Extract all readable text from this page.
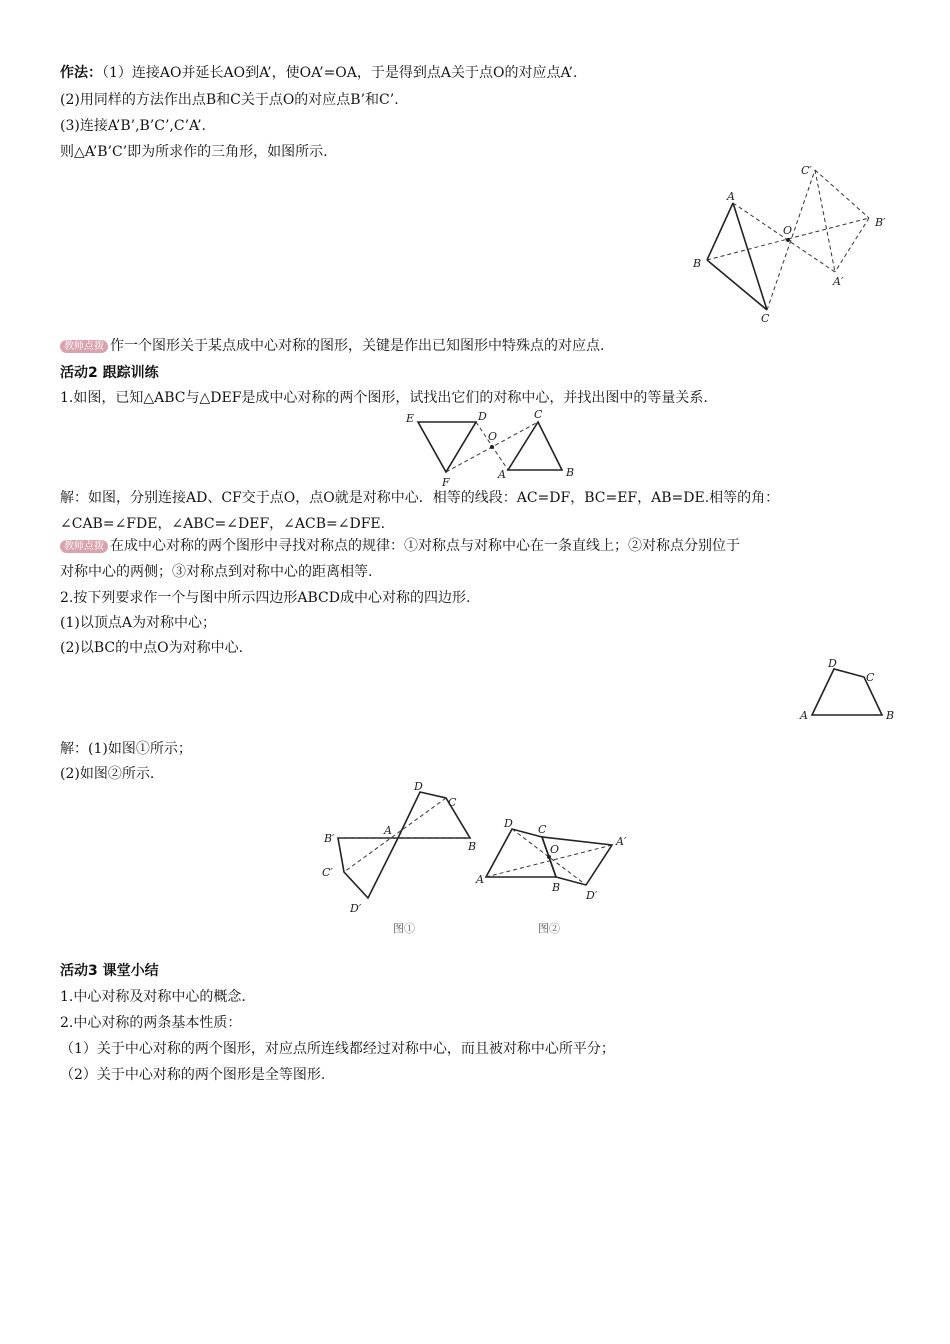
作法：（1）连接AO并延长AO到A’，使OA’=OA，于是得到点A关于点O的对应点A’.
(2)用同样的方法作出点B和C关于点O的对应点B’和C’.
(3)连接A’B’,B’C’,C’A’.
则△A’B’C’即为所求作的三角形，如图所示.
A
B
C
O
A′
B′
C′
教师点拨 作一个图形关于某点成中心对称的图形，关键是作出已知图形中特殊点的对应点.
活动2 跟踪训练
1.如图，已知△ABC与△DEF是成中心对称的两个图形，试找出它们的对称中心，并找出图中的等量关系.
E	D
F
O
A
C
B
解：如图，分别连接AD、CF交于点O，点O就是对称中心．相等的线段：AC=DF，BC=EF，AB=DE.相等的角：
∠CAB=∠FDE，∠ABC=∠DEF，∠ACB=∠DFE.
教师点拨 在成中心对称的两个图形中寻找对称点的规律：①对称点与对称中心在一条直线上；②对称点分别位于
对称中心的两侧；③对称点到对称中心的距离相等.
2.按下列要求作一个与图中所示四边形ABCD成中心对称的四边形.
(1)以顶点A为对称中心；
(2)以BC的中点O为对称中心.
D
C
A	B
解：(1)如图①所示；
(2)如图②所示.
D
C
B′
A
B
C′
D′
图①
D C
A′
O
A
B
D′
图②
活动3 课堂小结
1.中心对称及对称中心的概念.
2.中心对称的两条基本性质：
（1）关于中心对称的两个图形，对应点所连线都经过对称中心，而且被对称中心所平分；
（2）关于中心对称的两个图形是全等图形.
